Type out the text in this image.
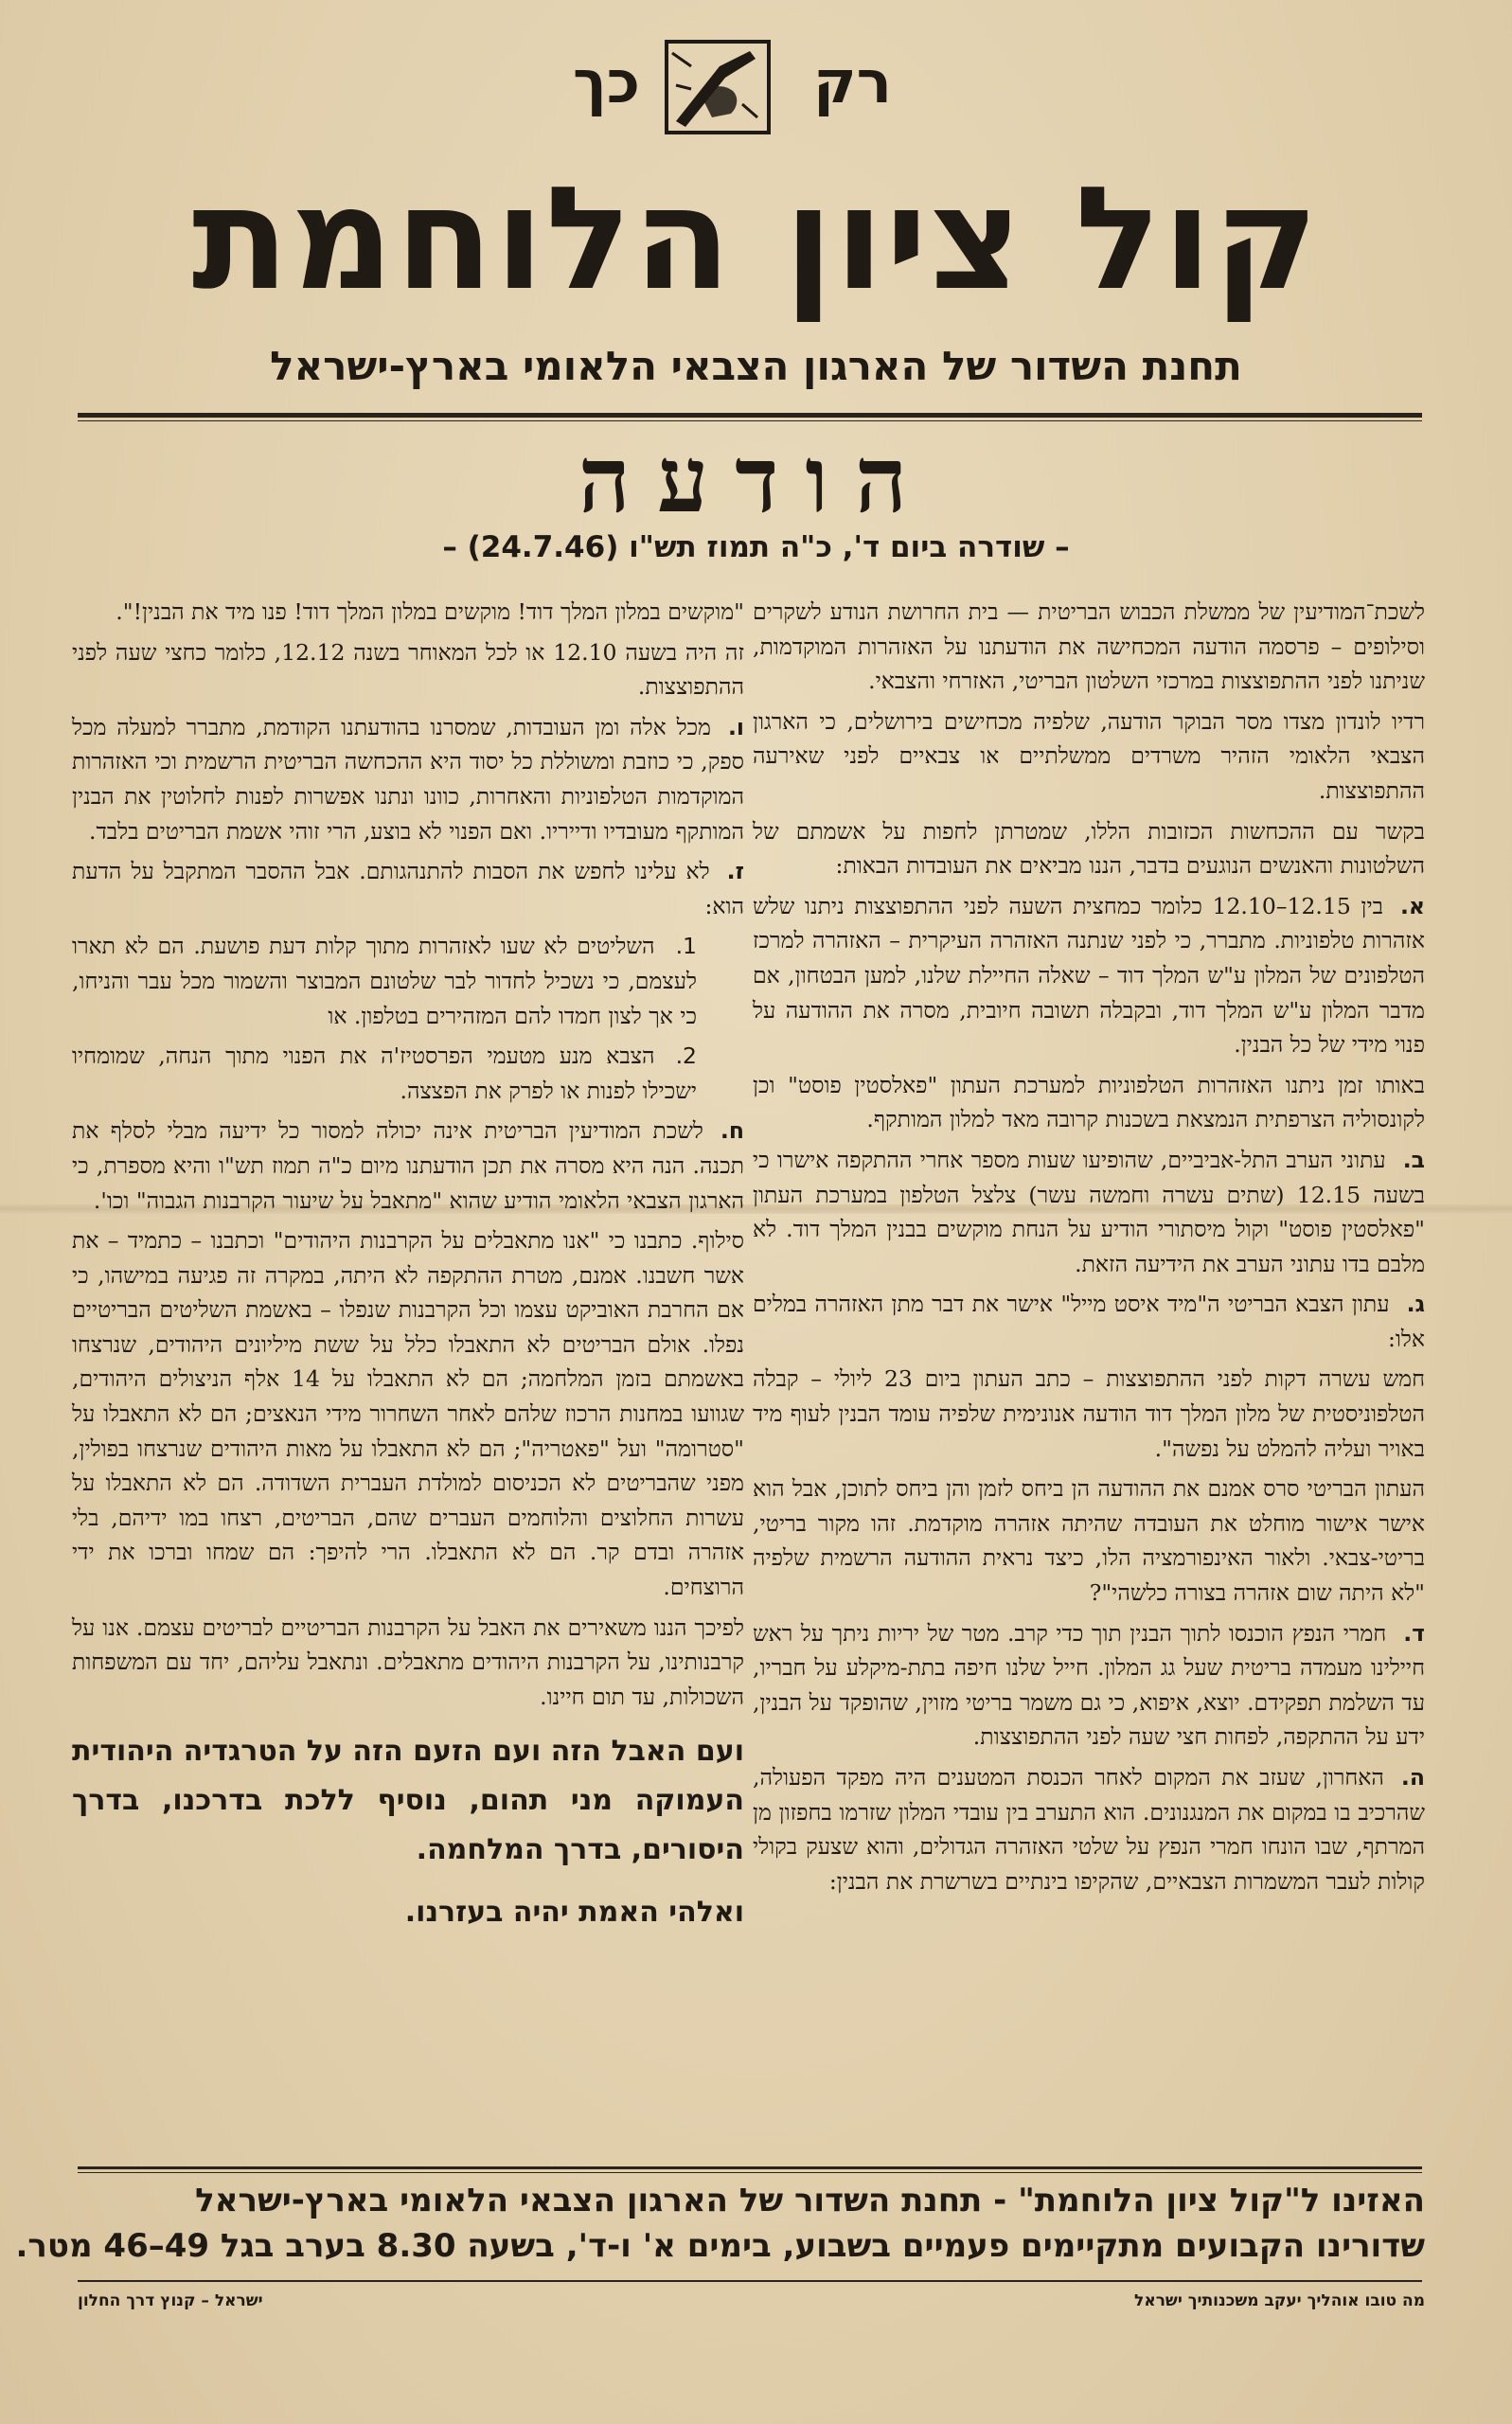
רק
כך
קול ציון הלוחמת
תחנת השדור של הארגון הצבאי הלאומי בארץ-ישראל
הודעה
– שודרה ביום ד', כ"ה תמוז תש"ו (24.7.46) –

לשכת־המודיעין של ממשלת הכבוש הבריטית — בית החרושת הנודע לשקרים וסילופים – פרסמה הודעה המכחישה את הודעתנו על האזהרות המוקדמות, שניתנו לפני ההתפוצצות במרכזי השלטון הבריטי, האזרחי והצבאי.

רדיו לונדון מצדו מסר הבוקר הודעה, שלפיה מכחישים בירושלים, כי הארגון הצבאי הלאומי הזהיר משרדים ממשלתיים או צבאיים לפני שאירעה ההתפוצצות.

בקשר עם ההכחשות הכזובות הללו, שמטרתן לחפות על אשמתם של השלטונות והאנשים הנוגעים בדבר, הננו מביאים את העובדות הבאות:

א.בין 12.15–12.10 כלומר כמחצית השעה לפני ההתפוצצות ניתנו שלש אזהרות טלפוניות. מתברר, כי לפני שנתנה האזהרה העיקרית – האזהרה למרכז הטלפונים של המלון ע"ש המלך דוד – שאלה החיילת שלנו, למען הבטחון, אם מדבר המלון ע"ש המלך דוד, ובקבלה תשובה חיובית, מסרה את ההודעה על פנוי מידי של כל הבנין.

באותו זמן ניתנו האזהרות הטלפוניות למערכת העתון "פאלסטין פוסט" וכן לקונסוליה הצרפתית הנמצאת בשכנות קרובה מאד למלון המותקף.

ב.עתוני הערב התל-אביביים, שהופיעו שעות מספר אחרי ההתקפה אישרו כי בשעה 12.15 (שתים עשרה וחמשה עשר) צלצל הטלפון במערכת העתון "פאלסטין פוסט" וקול מיסתורי הודיע על הנחת מוקשים בבנין המלך דוד. לא מלבם בדו עתוני הערב את הידיעה הזאת.

ג.עתון הצבא הבריטי ה"מיד איסט מייל" אישר את דבר מתן האזהרה במלים אלו:

חמש עשרה דקות לפני ההתפוצצות – כתב העתון ביום 23 ליולי – קבלה הטלפוניסטית של מלון המלך דוד הודעה אנונימית שלפיה עומד הבנין לעוף מיד באויר ועליה להמלט על נפשה".

העתון הבריטי סרס אמנם את ההודעה הן ביחס לזמן והן ביחס לתוכן, אבל הוא אישר אישור מוחלט את העובדה שהיתה אזהרה מוקדמת. זהו מקור בריטי, בריטי-צבאי. ולאור האינפורמציה הלו, כיצד נראית ההודעה הרשמית שלפיה "לא היתה שום אזהרה בצורה כלשהי"?

ד.חמרי הנפץ הוכנסו לתוך הבנין תוך כדי קרב. מטר של יריות ניתך על ראש חיילינו מעמדה בריטית שעל גג המלון. חייל שלנו חיפה בתת-מיקלע על חבריו, עד השלמת תפקידם. יוצא, איפוא, כי גם משמר בריטי מזוין, שהופקד על הבנין, ידע על ההתקפה, לפחות חצי שעה לפני ההתפוצצות.

ה.האחרון, שעזב את המקום לאחר הכנסת המטענים היה מפקד הפעולה, שהרכיב בו במקום את המנגנונים. הוא התערב בין עובדי המלון שזרמו בחפזון מן המרתף, שבו הונחו חמרי הנפץ על שלטי האזהרה הגדולים, והוא שצעק בקולי קולות לעבר המשמרות הצבאיים, שהקיפו בינתיים בשרשרת את הבנין:

"מוקשים במלון המלך דוד! מוקשים במלון המלך דוד! פנו מיד את הבנין!".

זה היה בשעה 12.10 או לכל המאוחר בשנה 12.12, כלומר כחצי שעה לפני ההתפוצצות.

ו.מכל אלה ומן העובדות, שמסרנו בהודעתנו הקודמת, מתברר למעלה מכל ספק, כי כוזבת ומשוללת כל יסוד היא ההכחשה הבריטית הרשמית וכי האזהרות המוקדמות הטלפוניות והאחרות, כוונו ונתנו אפשרות לפנות לחלוטין את הבנין המותקף מעובדיו ודייריו. ואם הפנוי לא בוצע, הרי זוהי אשמת הבריטים בלבד.

ז.לא עלינו לחפש את הסבות להתנהגותם. אבל ההסבר המתקבל על הדעת הוא:

1.השליטים לא שעו לאזהרות מתוך קלות דעת פושעת. הם לא תארו לעצמם, כי נשכיל לחדור לבר שלטונם המבוצר והשמור מכל עבר והניחו, כי אך לצון חמדו להם המזהירים בטלפון. או

2.הצבא מנע מטעמי הפרסטיז'ה את הפנוי מתוך הנחה, שמומחיו ישכילו לפנות או לפרק את הפצצה.

ח.לשכת המודיעין הבריטית אינה יכולה למסור כל ידיעה מבלי לסלף את תכנה. הנה היא מסרה את תכן הודעתנו מיום כ"ה תמוז תש"ו והיא מספרת, כי הארגון הצבאי הלאומי הודיע שהוא "מתאבל על שיעור הקרבנות הגבוה" וכו'.

סילוף. כתבנו כי "אנו מתאבלים על הקרבנות היהודים" וכתבנו – כתמיד – את אשר חשבנו. אמנם, מטרת ההתקפה לא היתה, במקרה זה פגיעה במישהו, כי אם החרבת האוביקט עצמו וכל הקרבנות שנפלו – באשמת השליטים הבריטיים נפלו. אולם הבריטים לא התאבלו כלל על ששת מיליונים היהודים, שנרצחו באשמתם בזמן המלחמה; הם לא התאבלו על 14 אלף הניצולים היהודים, שגוועו במחנות הרכוז שלהם לאחר השחרור מידי הנאצים; הם לא התאבלו על "סטרומה" ועל "פאטריה"; הם לא התאבלו על מאות היהודים שנרצחו בפולין, מפני שהבריטים לא הכניסום למולדת העברית השדודה. הם לא התאבלו על עשרות החלוצים והלוחמים העברים שהם, הבריטים, רצחו במו ידיהם, בלי אזהרה ובדם קר. הם לא התאבלו. הרי להיפך: הם שמחו וברכו את ידי הרוצחים.

לפיכך הננו משאירים את האבל על הקרבנות הבריטיים לבריטים עצמם. אנו על קרבנותינו, על הקרבנות היהודים מתאבלים. ונתאבל עליהם, יחד עם המשפחות השכולות, עד תום חיינו.

ועם האבל הזה ועם הזעם הזה על הטרגדיה היהודית העמוקה מני תהום, נוסיף ללכת בדרכנו, בדרך היסורים, בדרך המלחמה.

ואלהי האמת יהיה בעזרנו.

האזינו ל"קול ציון הלוחמת" - תחנת השדור של הארגון הצבאי הלאומי בארץ-ישראל
שדורינו הקבועים מתקיימים פעמיים בשבוע, בימים א' ו-ד', בשעה 8.30 בערב בגל 49–46 מטר.
מה טובו אוהליך יעקב משכנותיך ישראל
ישראל – קנוץ דרך החלון
